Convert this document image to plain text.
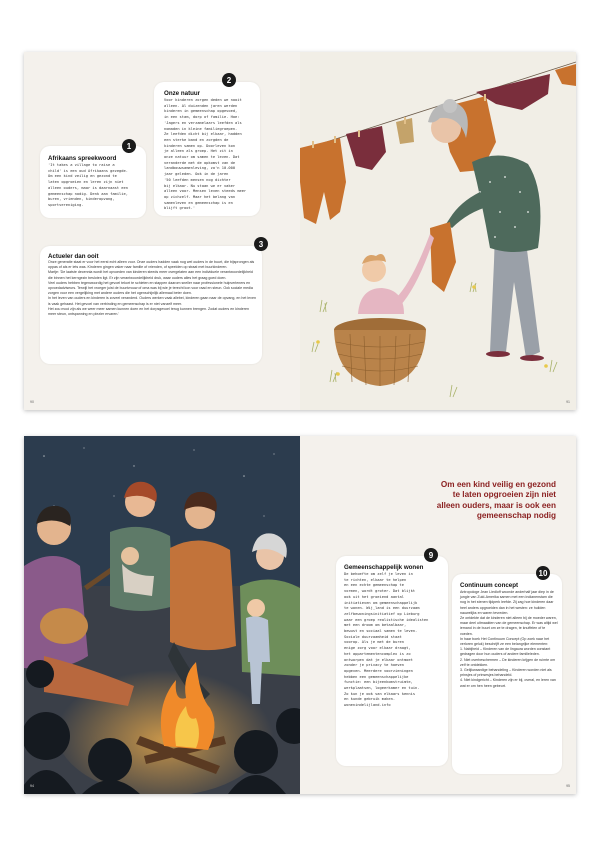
2
Onze natuur
Voor kinderen zorgen deden we nooit
alleen. Al duizenden jaren werden
kinderen in gemeenschap opgevoed,
in een stam, dorp of familie. Hoe:
'Jagers en verzamelaars leefden als
nomaden in kleine familiegroepen.
Ze leefden dicht bij elkaar, hadden
een sterke band en zorgden de
kinderen samen op. Doorleven kon
je alleen als groep. Het zit in
onze natuur om samen te leven. Dat
veranderde met de opkomst van de
landbouwsamenleving, zo'n 10.000
jaar geleden. Ook in de jaren
'50 leefden mensen nog dichter
bij elkaar. Nu staan we er vaker
alleen voor. Mensen leven steeds meer
op zichzelf. Maar het belang van
samenleven en gemeenschap is en
blijft groot.'
1
Afrikaans spreekwoord
'It takes a village to raise a
child' is een oud Afrikaans gezegde.
Om een kind veilig en gezond te
laten opgroeien en leren zijn niet
alleen ouders, maar is daarnaast een
gemeenschap nodig. Denk aan familie,
buren, vrienden, kinderopvang,
sportvereniging.
3
Actueler dan ooit
Onze generatie staat er voor het eerst echt alleen voor. Onze ouders hadden vaak nog wel ouders in de buurt, die bijsprongen als oppas of als er iets was. Kinderen gingen vaker naar familie of vrienden, of speelden op straat met buurkinderen.
Martje: 'De laatste decennia wordt het opvoeden van kinderen steeds meer overgelaten aan een individuele verantwoordelijkheid die binnen het kerngezin besloten ligt. Er zijn verantwoordelijkheid druk, waar ouders alles het graag goed doen.
Veel ouders hebben tegenwoordig het gevoel tekort te schieten en stappen daarom sneller naar professionele hulpverleners en opvoedadviseurs. Terwijl het vroeger juist de buurtvrouw of oma was bij wie je terecht kon voor raad en steun. Ook sociale media zorgen voor een vergelijking met andere ouders die het ogenschijnlijk allemaal beter doen.
In het leven van ouders en kinderen is zoveel veranderd. Ouders werken vaak allebei, kinderen gaan naar de opvang, en het leven is vaak gehaast. Het gevoel van verbinding en gemeenschap is er niet vanzelf meer.
Het zou mooi zijn als we weer meer samen kunnen doen en het dorpsgevoel terug kunnen brengen. Zodat ouders en kinderen meer steun, ontspanning en plezier ervaren.'
90	91
94
Om een kind veilig en gezond
te laten opgroeien zijn niet
alleen ouders, maar is ook een
gemeenschap nodig
9
Gemeenschappelijk wonen
De behoefte om zelf je leven in
te richten, elkaar te helpen
en een echte gemeenschap te
vormen, wordt groter. Dat blijkt
ook uit het groeiend aantal
initiatieven om gemeenschappelijk
te wonen. Wij_land is een duurzaam
zelfbewoningsinitiatief op Lieburg
waar een groep realistische idealisten
met een droom om betaalbaar,
bewust en sociaal samen te leven.
Sociale duurzaamheid staat
voorop. Als je met de buren
enige zorg voor elkaar draagt,
het appartementencomplex is zo
ontworpen dat je elkaar ontmoet
zonder je privacy te hoeven
opgeven. Meerdere voorzieningen
hebben een gemeenschappelijke
functie: een bijeenkomstruimte,
werkplaatsen, logeerkamer en tuin.
Zo kun je ook van elkaars kennis
en kunde gebruik maken.
wonenindelijland.info
10
Continuum concept
Antropologe Jean Liedloff woonde anderhalf jaar diep in de jungle van Zuid-Amerika samen met een indianenstam die nog in het stenen tijdperk leefde. Zij zag hoe kinderen daar heel anders opgroeiden dan in het westen: ze huilden nauwelijks en waren tevreden.
Ze ontdekte dat de kinderen niet alleen bij de moeder waren, maar deel uitmaakten van de gemeenschap. Er was altijd wel iemand in de buurt om ze te dragen, te knuffelen of te voeden.
In haar boek Het Continuum Concept (Op zoek naar het verloren geluk) beschrijft ze een belangrijke elementen:
1. Nabijheid – Kinderen van de lingaura worden constant gedragen door hun ouders of andere familieleden.
2. Niet overbeschermen – De kinderen krijgen de ruimte om zelf te ontdekken.
3. Gelijkwaardige behandeling – Kinderen worden niet als prinsjes of prinsesjes behandeld.
4. Niet kindgericht – Kinderen zijn er bij, overal, en leren van wat er om hen heen gebeurt.
95
